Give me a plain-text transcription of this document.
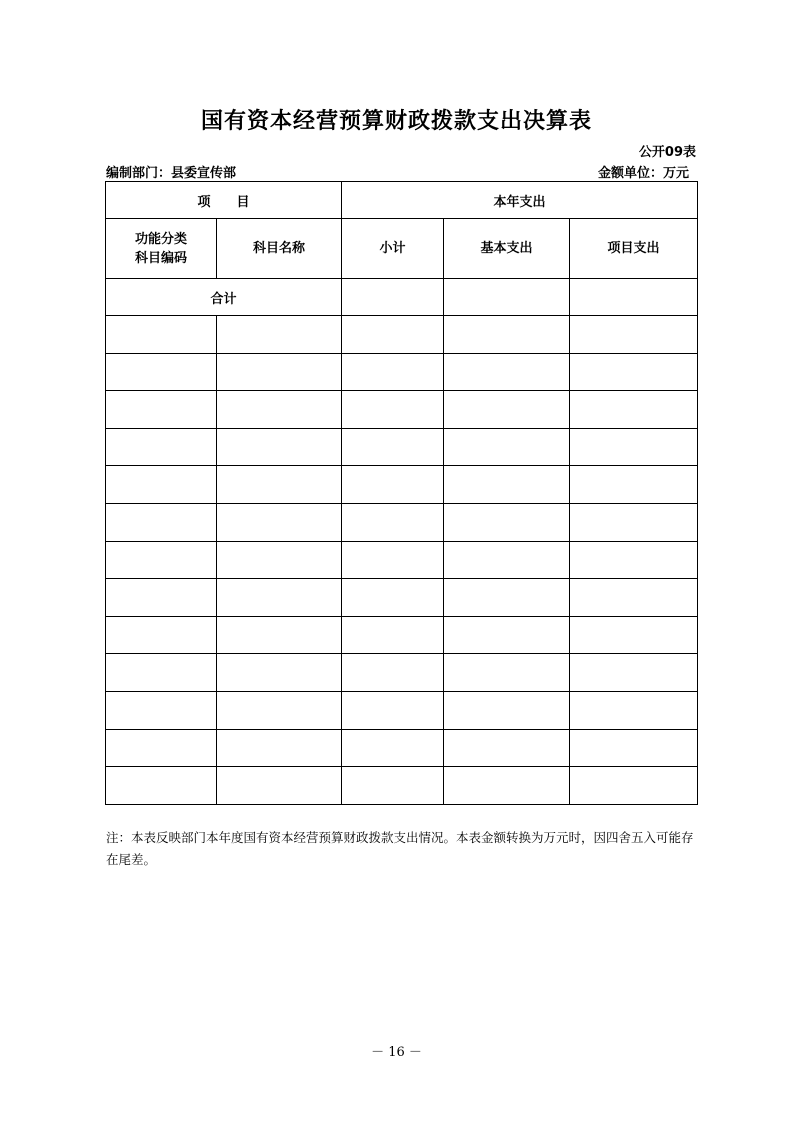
国有资本经营预算财政拨款支出决算表
公开09表
编制部门：县委宣传部	金额单位：万元
项　　目		本年支出		
功能分类
科目编码	科目名称	小计	基本支出	项目支出
合计				

注：本表反映部门本年度国有资本经营预算财政拨款支出情况。本表金额转换为万元时，因四舍五入可能存在尾差。
－ 16 －
